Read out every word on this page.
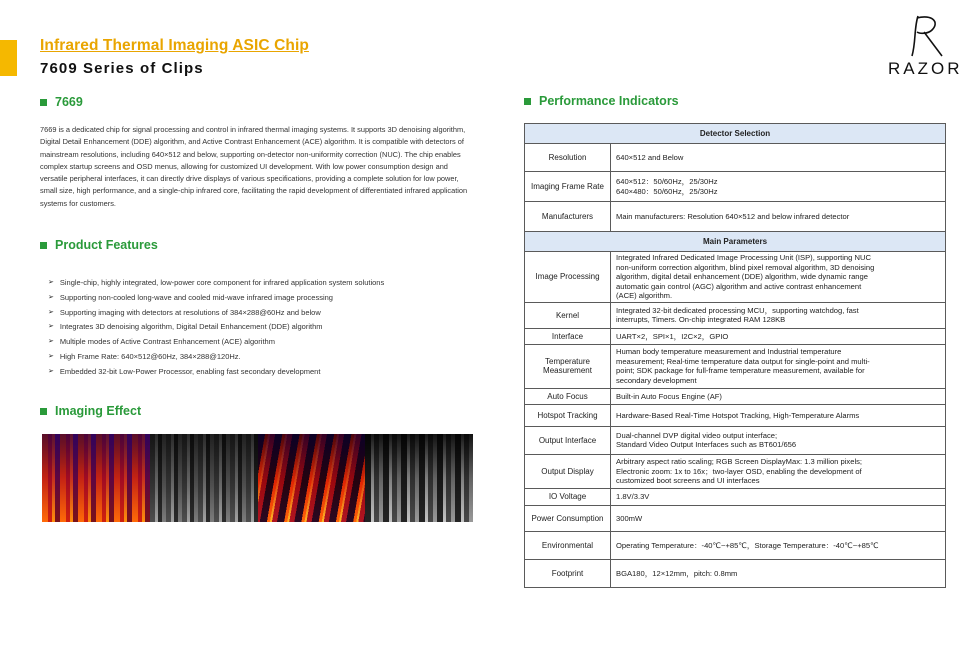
Infrared Thermal Imaging ASIC Chip
7609 Series of Clips	RAZOR
7669
7669 is a dedicated chip for signal processing and control in infrared thermal imaging systems. It supports 3D denoising algorithm, Digital Detail Enhancement (DDE) algorithm, and Active Contrast Enhancement (ACE) algorithm. It is compatible with detectors of mainstream resolutions, including 640×512 and below, supporting on-detector non-uniformity correction (NUC). The chip enables complex startup screens and OSD menus, allowing for customized UI development. With low power consumption design and versatile peripheral interfaces, it can directly drive displays of various specifications, providing a complete solution for low power, small size, high performance, and a single-chip infrared core, facilitating the rapid development of differentiated infrared application systems for customers.
Product Features
➢ Single-chip, highly integrated, low-power core component for infrared application system solutions
➢ Supporting non-cooled long-wave and cooled mid-wave infrared image processing
➢ Supporting imaging with detectors at resolutions of 384×288@60Hz and below
➢ Integrates 3D denoising algorithm, Digital Detail Enhancement (DDE) algorithm
➢ Multiple modes of Active Contrast Enhancement (ACE) algorithm
➢ High Frame Rate: 640×512@60Hz, 384×288@120Hz.
➢ Embedded 32-bit Low-Power Processor, enabling fast secondary development
Imaging Effect
Performance Indicators
Detector Selection	
Resolution	640×512 and Below

Imaging Frame Rate	640×512：50/60Hz，25/30Hz
640×480：50/60Hz，25/30Hz

Manufacturers	Main manufacturers: Resolution 640×512 and below infrared detector

Main Parameters	
Image Processing	Integrated Infrared Dedicated Image Processing Unit (ISP), supporting NUC
non-uniform correction algorithm, blind pixel removal algorithm, 3D denoising
algorithm, digital detail enhancement (DDE) algorithm, wide dynamic range
automatic gain control (AGC) algorithm and active contrast enhancement
(ACE) algorithm.

Kernel	Integrated 32-bit dedicated processing MCU，supporting watchdog, fast
interrupts, Timers. On-chip integrated RAM 128KB

Interface	UART×2，SPI×1，I2C×2，GPIO

Temperature Measurement	Human body temperature measurement and Industrial temperature
measurement; Real-time temperature data output for single-point and multi-
point; SDK package for full-frame temperature measurement, available for
secondary development

Auto Focus	Built-in Auto Focus Engine (AF)

Hotspot Tracking	Hardware-Based Real-Time Hotspot Tracking, High-Temperature Alarms

Output Interface	Dual-channel DVP digital video output interface;
Standard Video Output Interfaces such as BT601/656

Output Display	Arbitrary aspect ratio scaling; RGB Screen DisplayMax: 1.3 million pixels;
Electronic zoom: 1x to 16x；two-layer OSD, enabling the development of
customized boot screens and UI interfaces

IO Voltage	1.8V/3.3V

Power Consumption	300mW

Environmental	Operating Temperature：-40℃~+85℃，Storage Temperature：-40℃~+85℃

Footprint	BGA180，12×12mm，pitch: 0.8mm
